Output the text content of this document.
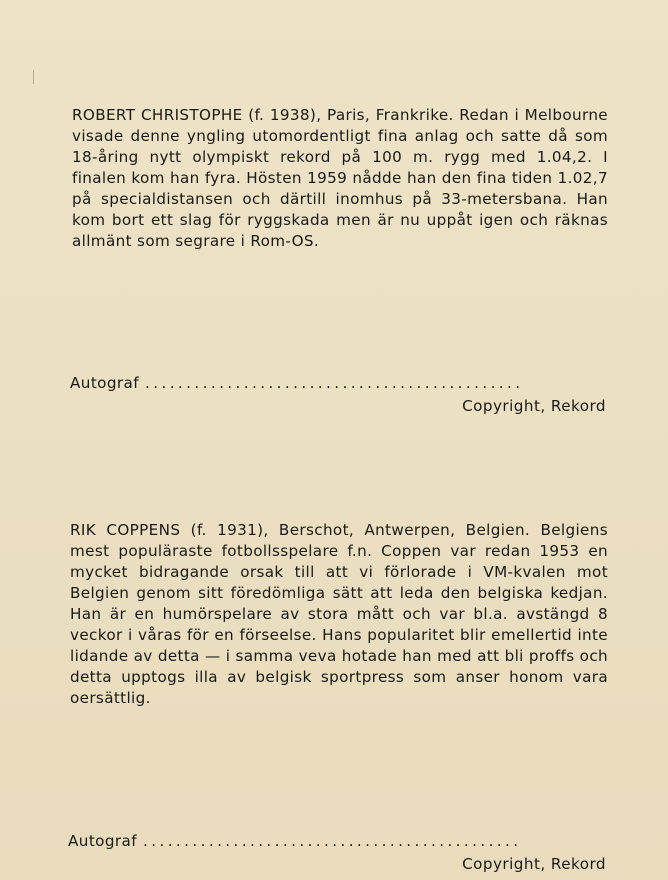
ROBERT CHRISTOPHE (f. 1938), Paris, Frankrike. Redan i Melbourne visade denne yngling utomordentligt fina anlag och satte då som 18-åring nytt olympiskt rekord på 100 m. rygg med 1.04,2. I finalen kom han fyra. Hösten 1959 nådde han den fina tiden 1.02,7 på specialdistansen och därtill inomhus på 33-metersbana. Han kom bort ett slag för ryggskada men är nu uppåt igen och räknas allmänt som segrare i Rom-OS.

Autograf ..............................................
Copyright, Rekord

RIK COPPENS (f. 1931), Berschot, Antwerpen, Belgien. Belgiens mest populäraste fotbollsspelare f.n. Coppen var redan 1953 en mycket bidragande orsak till att vi förlorade i VM-kvalen mot Belgien genom sitt föredömliga sätt att leda den belgiska kedjan. Han är en humörspelare av stora mått och var bl.a. avstängd 8 veckor i våras för en förseelse. Hans popularitet blir emellertid inte lidande av detta — i samma veva hotade han med att bli proffs och detta upptogs illa av belgisk sportpress som anser honom vara oersättlig.

Autograf ..............................................
Copyright, Rekord
